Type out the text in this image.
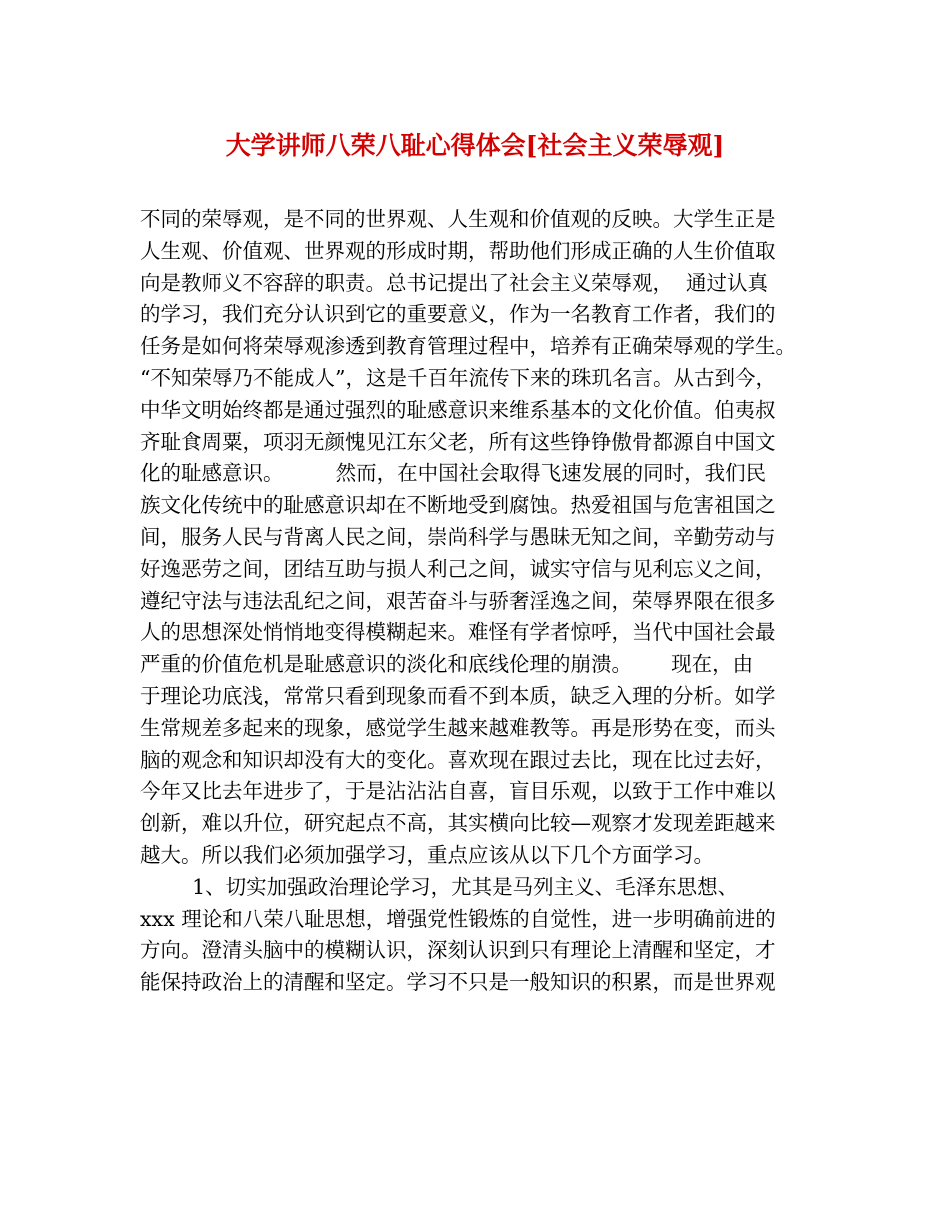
大学讲师八荣八耻心得体会[社会主义荣辱观]
不同的荣辱观，是不同的世界观、人生观和价值观的反映。大学生正是
人生观、价值观、世界观的形成时期，帮助他们形成正确的人生价值取
向是教师义不容辞的职责。总书记提出了社会主义荣辱观，  通过认真
的学习，我们充分认识到它的重要意义，作为一名教育工作者，我们的
任务是如何将荣辱观渗透到教育管理过程中，培养有正确荣辱观的学生。
“不知荣辱乃不能成人”，这是千百年流传下来的珠玑名言。从古到今，
中华文明始终都是通过强烈的耻感意识来维系基本的文化价值。伯夷叔
齐耻食周粟，项羽无颜愧见江东父老，所有这些铮铮傲骨都源自中国文
化的耻感意识。        然而，在中国社会取得飞速发展的同时，我们民
族文化传统中的耻感意识却在不断地受到腐蚀。热爱祖国与危害祖国之
间，服务人民与背离人民之间，崇尚科学与愚昧无知之间，辛勤劳动与
好逸恶劳之间，团结互助与损人利己之间，诚实守信与见利忘义之间，
遵纪守法与违法乱纪之间，艰苦奋斗与骄奢淫逸之间，荣辱界限在很多
人的思想深处悄悄地变得模糊起来。难怪有学者惊呼，当代中国社会最
严重的价值危机是耻感意识的淡化和底线伦理的崩溃。      现在，由
于理论功底浅，常常只看到现象而看不到本质，缺乏入理的分析。如学
生常规差多起来的现象，感觉学生越来越难教等。再是形势在变，而头
脑的观念和知识却没有大的变化。喜欢现在跟过去比，现在比过去好，
今年又比去年进步了，于是沾沾沾自喜，盲目乐观，以致于工作中难以
创新，难以升位，研究起点不高，其实横向比较—观察才发现差距越来
越大。所以我们必须加强学习，重点应该从以下几个方面学习。
1、切实加强政治理论学习，尤其是马列主义、毛泽东思想、
xxx 理论和八荣八耻思想，增强党性锻炼的自觉性，进一步明确前进的
方向。澄清头脑中的模糊认识，深刻认识到只有理论上清醒和坚定，才
能保持政治上的清醒和坚定。学习不只是一般知识的积累，而是世界观
